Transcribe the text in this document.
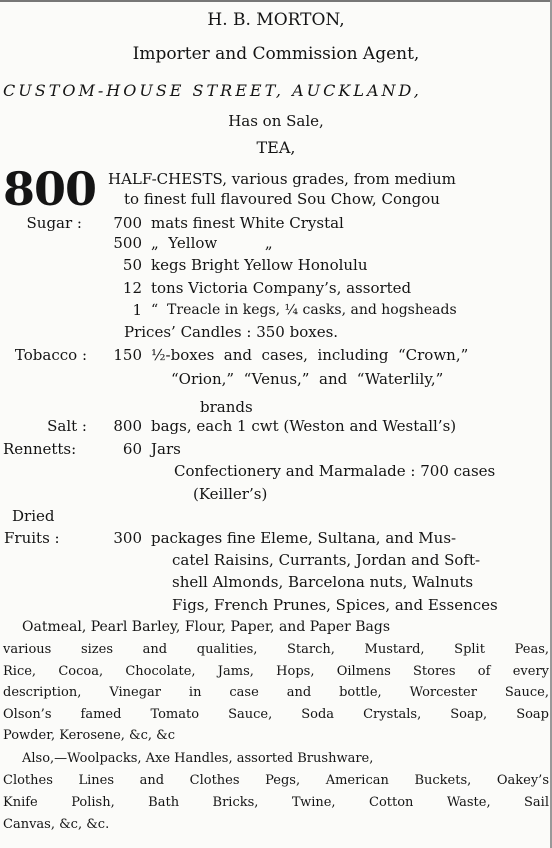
H. B. MORTON,
Importer and Commission Agent,
CUSTOM-HOUSE STREET, AUCKLAND,
Has on Sale,
TEA,
800 HALF-CHESTS, various grades, from medium
to finest full flavoured Sou Chow, Congou
Sugar : 700 mats finest White Crystal
500 „  Yellow          „
50 kegs Bright Yellow Honolulu
12 tons Victoria Company’s, assorted
1 “  Treacle in kegs, ¼ casks, and hogsheads
Prices’ Candles : 350 boxes.
Tobacco : 150 ½-boxes  and  cases,  including  “Crown,”
“Orion,”  “Venus,”  and  “Waterlily,”
brands
Salt : 800 bags, each 1 cwt (Weston and Westall’s)
Rennetts:	60 Jars
Confectionery and Marmalade : 700 cases
(Keiller’s)
Dried
Fruits :	300 packages fine Eleme, Sultana, and Mus-
catel Raisins, Currants, Jordan and Soft-
shell Almonds, Barcelona nuts, Walnuts
Figs, French Prunes, Spices, and Essences
Oatmeal, Pearl Barley, Flour, Paper, and Paper Bags
various sizes and qualities, Starch, Mustard, Split Peas,
Rice, Cocoa, Chocolate, Jams, Hops, Oilmens Stores of every
description, Vinegar in case and bottle, Worcester Sauce,
Olson’s famed Tomato Sauce, Soda Crystals, Soap, Soap
Powder, Kerosene, &c, &c
Also,—Woolpacks, Axe Handles, assorted Brushware,
Clothes Lines and Clothes Pegs, American Buckets, Oakey’s
Knife Polish, Bath Bricks, Twine, Cotton Waste, Sail
Canvas, &c, &c.
